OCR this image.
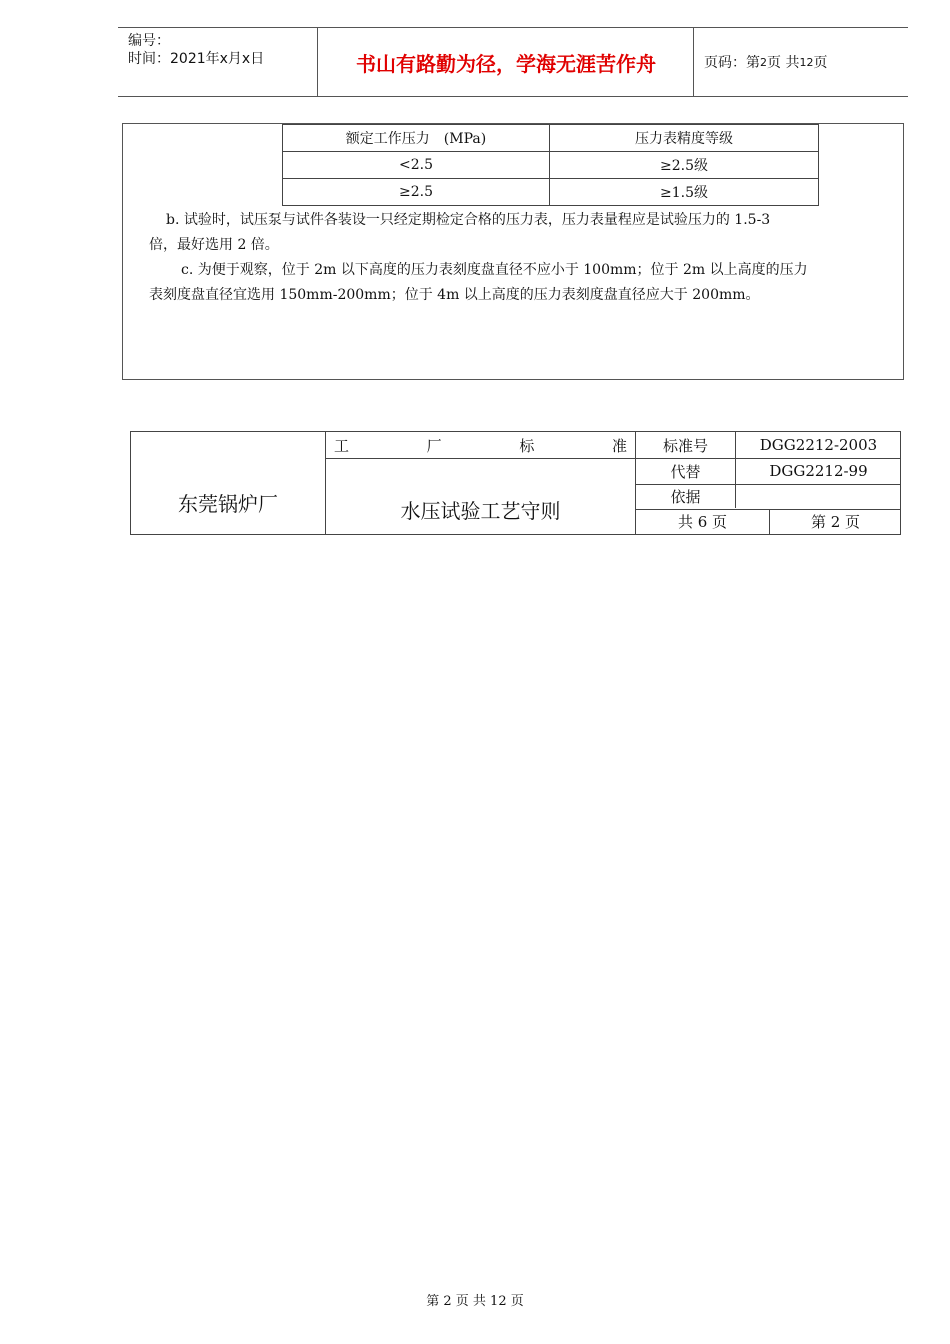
编号：
时间：2021年x月x日	书山有路勤为径，学海无涯苦作舟	页码：第 2 页 共 12 页
额定工作压力　(MPa)	压力表精度等级
<2.5	≥2.5级
≥2.5	≥1.5级
b. 试验时，试压泵与试件各装设一只经定期检定合格的压力表，压力表量程应是试验压力的 1.5-3
倍，最好选用 2 倍。
c. 为便于观察，位于 2m 以下高度的压力表刻度盘直径不应小于 100mm；位于 2m 以上高度的压力
表刻度盘直径宜选用 150mm-200mm；位于 4m 以上高度的压力表刻度盘直径应大于 200mm。
东莞锅炉厂
工	厂	标	准
水压试验工艺守则
标准号	DGG2212-2003
代替	DGG2212-99
依据
共 6 页	第 2 页
第 2 页 共 12 页
